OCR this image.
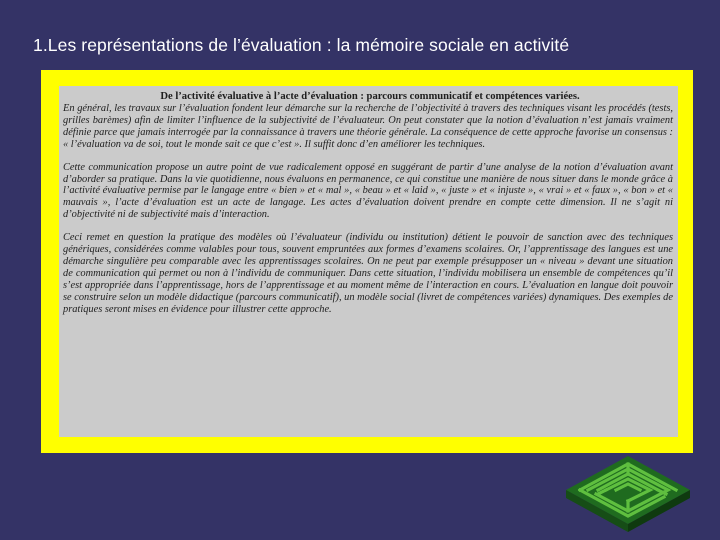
1.Les représentations de l’évaluation : la mémoire sociale en activité

De l’activité évaluative à l’acte d’évaluation : parcours communicatif et compétences variées.

En général, les travaux sur l’évaluation fondent leur démarche sur la recherche de l’objectivité à travers des techniques visant les procédés (tests, grilles barèmes) afin de limiter l’influence de la subjectivité de l’évaluateur. On peut constater que la notion d’évaluation n’est jamais vraiment définie parce que jamais interrogée par la connaissance à travers une théorie générale. La conséquence de cette approche favorise un consensus : « l’évaluation va de soi, tout le monde sait ce que c’est ». Il suffit donc d’en améliorer les techniques.

Cette communication propose un autre point de vue radicalement opposé en suggérant de partir d’une analyse de la notion d’évaluation avant d’aborder sa pratique. Dans la vie quotidienne, nous évaluons en permanence, ce qui constitue une manière de nous situer dans le monde grâce à l’activité évaluative permise par le langage entre « bien » et « mal », « beau » et « laid », « juste » et « injuste », « vrai » et « faux », « bon » et « mauvais », l’acte d’évaluation est un acte de langage. Les actes d’évaluation doivent prendre en compte cette dimension. Il ne s’agit ni d’objectivité ni de subjectivité mais d’interaction.

Ceci remet en question la pratique des modèles où l’évaluateur (individu ou institution) détient le pouvoir de sanction avec des techniques génériques, considérées comme valables pour tous, souvent empruntées aux formes d’examens scolaires. Or, l’apprentissage des langues est une démarche singulière peu comparable avec les apprentissages scolaires. On ne peut par exemple présupposer un « niveau » devant une situation de communication qui permet ou non à l’individu de communiquer. Dans cette situation, l’individu mobilisera un ensemble de compétences qu’il s’est appropriée dans l’apprentissage, hors de l’apprentissage et au moment même de l’interaction en cours. L’évaluation en langue doit pouvoir se construire selon un modèle didactique (parcours communicatif), un modèle social (livret de compétences variées) dynamiques. Des exemples de pratiques seront mises en évidence pour illustrer cette approche.
